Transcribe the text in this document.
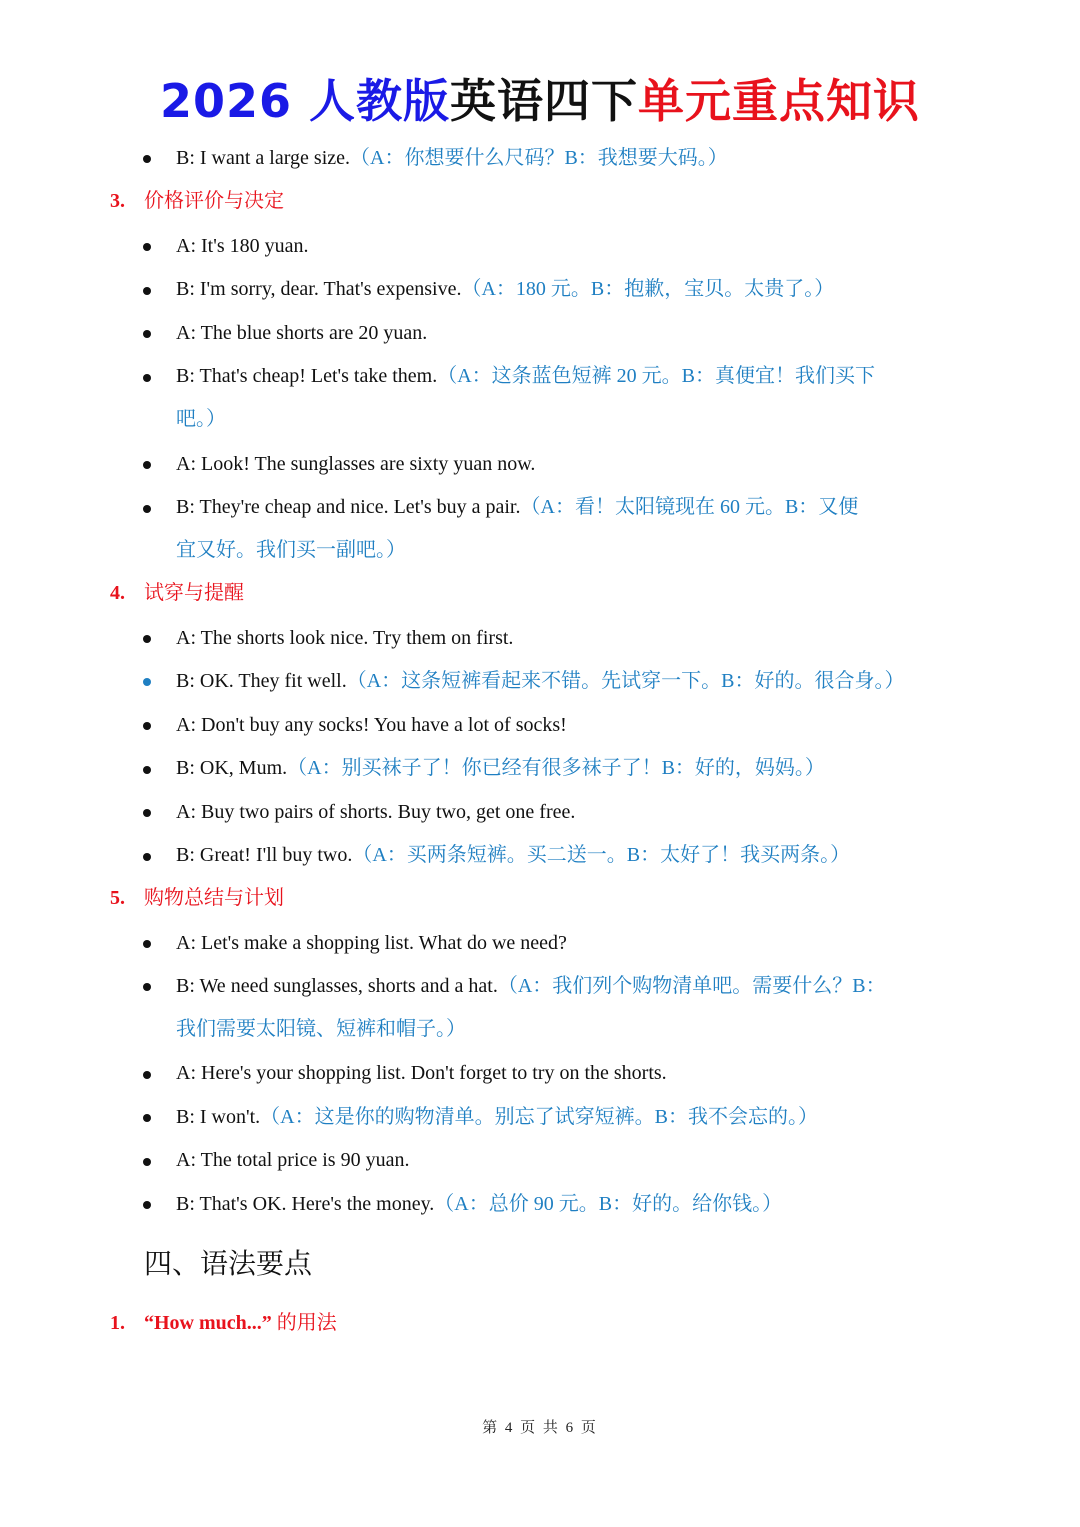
2026 人教版英语四下单元重点知识
B: I want a large size.（A：你想要什么尺码？B：我想要大码。）
3. 价格评价与决定
A: It's 180 yuan.
B: I'm sorry, dear. That's expensive.（A：180 元。B：抱歉，宝贝。太贵了。）
A: The blue shorts are 20 yuan.
B: That's cheap! Let's take them.（A：这条蓝色短裤 20 元。B：真便宜！我们买下
吧。）
A: Look! The sunglasses are sixty yuan now.
B: They're cheap and nice. Let's buy a pair.（A：看！太阳镜现在 60 元。B：又便
宜又好。我们买一副吧。）
4. 试穿与提醒
A: The shorts look nice. Try them on first.
B: OK. They fit well.（A：这条短裤看起来不错。先试穿一下。B：好的。很合身。）
A: Don't buy any socks! You have a lot of socks!
B: OK, Mum.（A：别买袜子了！你已经有很多袜子了！B：好的，妈妈。）
A: Buy two pairs of shorts. Buy two, get one free.
B: Great! I'll buy two.（A：买两条短裤。买二送一。B：太好了！我买两条。）
5. 购物总结与计划
A: Let's make a shopping list. What do we need?
B: We need sunglasses, shorts and a hat.（A：我们列个购物清单吧。需要什么？B：
我们需要太阳镜、短裤和帽子。）
A: Here's your shopping list. Don't forget to try on the shorts.
B: I won't.（A：这是你的购物清单。别忘了试穿短裤。B：我不会忘的。）
A: The total price is 90 yuan.
B: That's OK. Here's the money.（A：总价 90 元。B：好的。给你钱。）
四、语法要点
1. “How much...” 的用法
第 4 页 共 6 页
